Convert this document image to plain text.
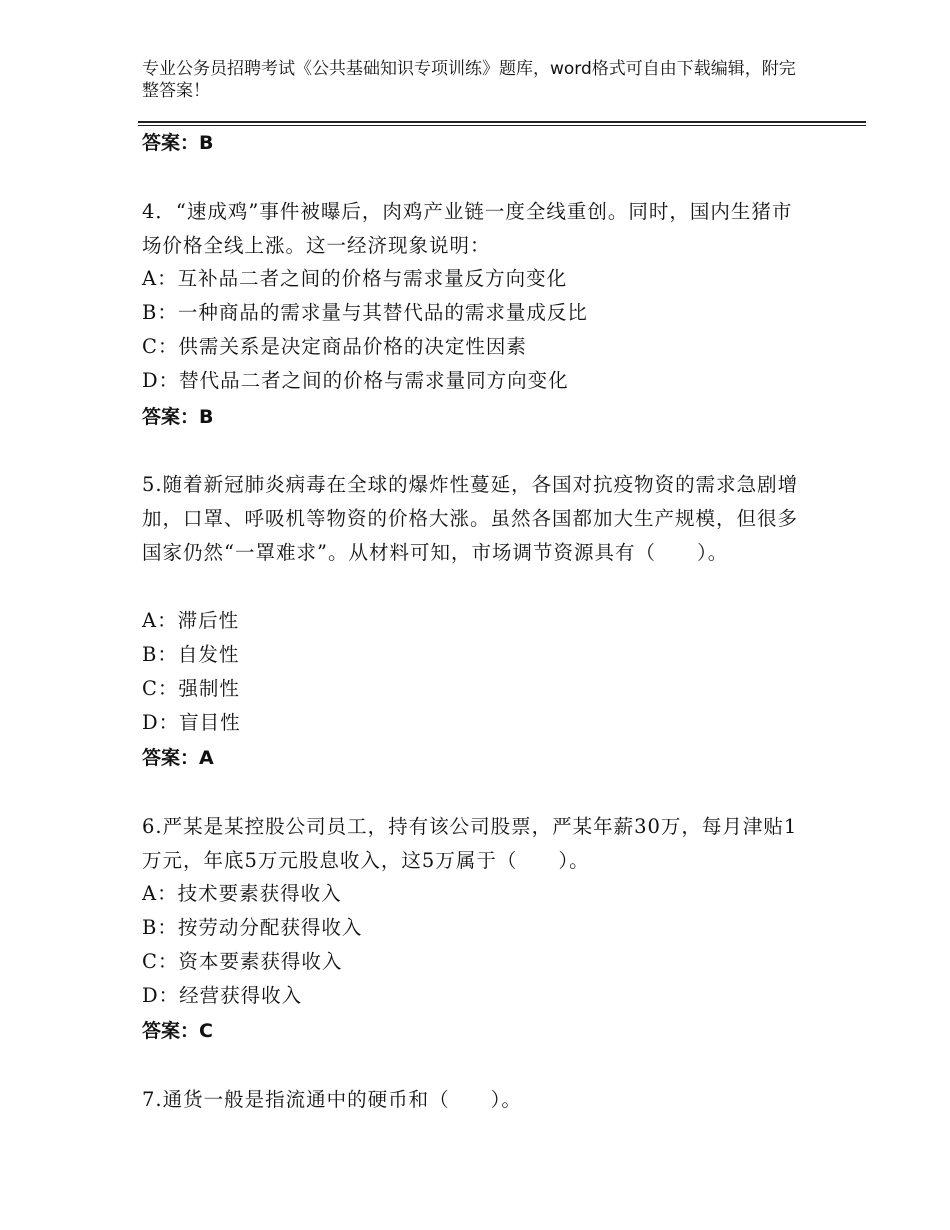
专业公务员招聘考试《公共基础知识专项训练》题库，word格式可自由下载编辑，附完整答案！
答案：B
4．“速成鸡”事件被曝后，肉鸡产业链一度全线重创。同时，国内生猪市场价格全线上涨。这一经济现象说明：
A：互补品二者之间的价格与需求量反方向变化
B：一种商品的需求量与其替代品的需求量成反比
C：供需关系是决定商品价格的决定性因素
D：替代品二者之间的价格与需求量同方向变化
答案：B
5.随着新冠肺炎病毒在全球的爆炸性蔓延，各国对抗疫物资的需求急剧增加，口罩、呼吸机等物资的价格大涨。虽然各国都加大生产规模，但很多国家仍然“一罩难求”。从材料可知，市场调节资源具有（　　）。
A：滞后性
B：自发性
C：强制性
D：盲目性
答案：A
6.严某是某控股公司员工，持有该公司股票，严某年薪30万，每月津贴1万元，年底5万元股息收入，这5万属于（　　）。
A：技术要素获得收入
B：按劳动分配获得收入
C：资本要素获得收入
D：经营获得收入
答案：C
7.通货一般是指流通中的硬币和（　　）。
